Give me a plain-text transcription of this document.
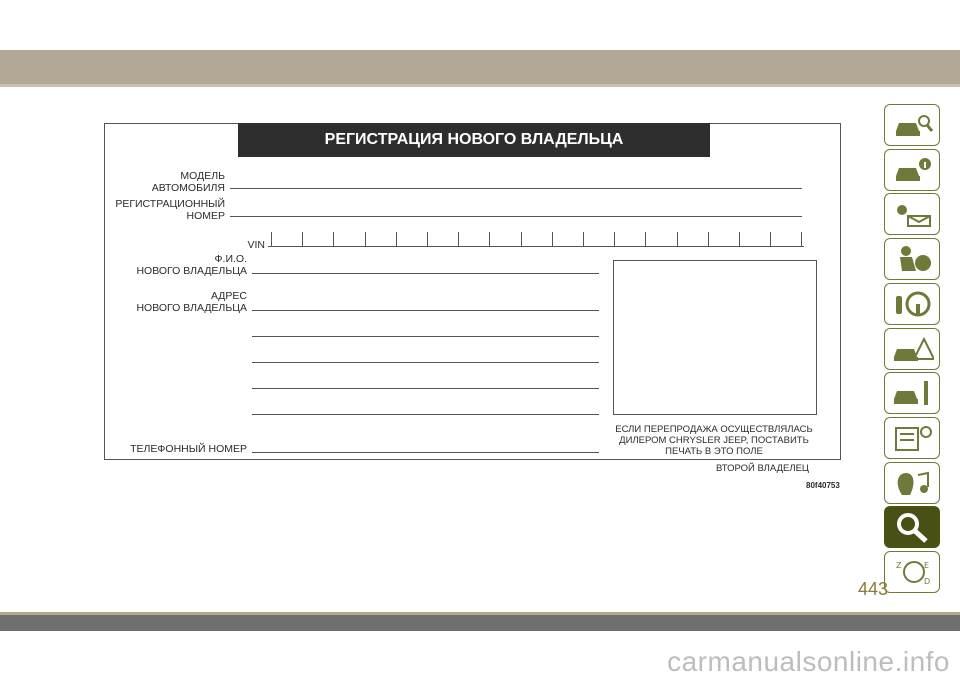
РЕГИСТРАЦИЯ НОВОГО ВЛАДЕЛЬЦА
МОДЕЛЬ
АВТОМОБИЛЯ
РЕГИСТРАЦИОННЫЙ
НОМЕР
VIN
Ф.И.О.
НОВОГО ВЛАДЕЛЬЦА
АДРЕС
НОВОГО ВЛАДЕЛЬЦА
ТЕЛЕФОННЫЙ НОМЕР
ЕСЛИ ПЕРЕПРОДАЖА ОСУЩЕСТВЛЯЛАСЬ
ДИЛЕРОМ CHRYSLER JEEP, ПОСТАВИТЬ
ПЕЧАТЬ В ЭТО ПОЛЕ
ВТОРОЙ ВЛАДЕЛЕЦ
80f40753
Z	E
D
443
carmanualsonline.info
